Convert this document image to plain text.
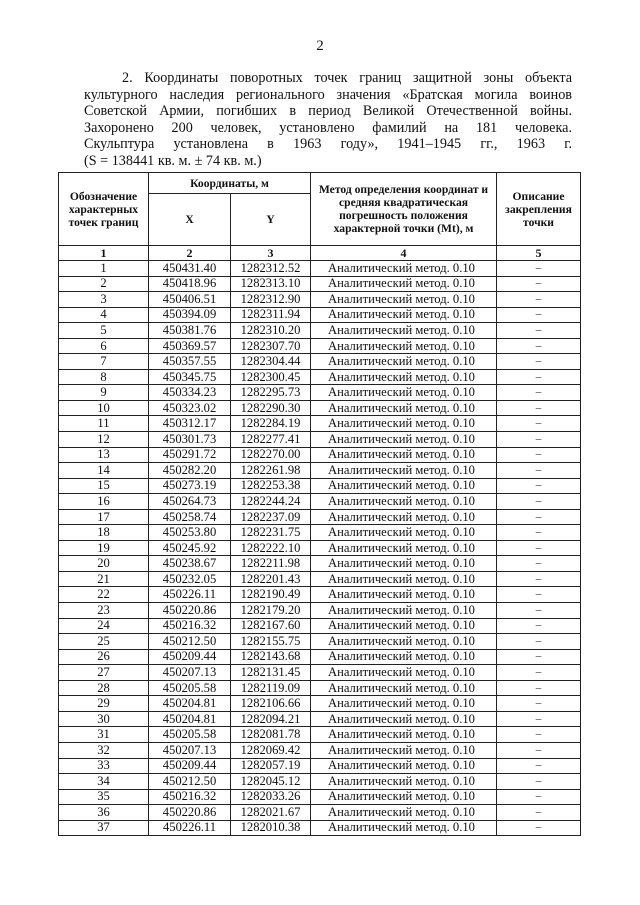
2

2. Координаты поворотных точек границ защитной зоны объекта
культурного наследия регионального значения «Братская могила воинов
Советской Армии, погибших в период Великой Отечественной войны.
Захоронено 200 человек, установлено фамилий на 181 человека.
Скульптура установлена в 1963 году», 1941–1945 гг., 1963 г.
(S = 138441 кв. м. ± 74 кв. м.)

Обозначение характерных точек границ	Координаты, м		Метод определения координат и средняя квадратическая погрешность положения характерной точки (Mt), м	Описание закрепления точки
	X	Y		
1	2	3	4	5
1	450431.40	1282312.52	Аналитический метод. 0.10	–
2	450418.96	1282313.10	Аналитический метод. 0.10	–
3	450406.51	1282312.90	Аналитический метод. 0.10	–
4	450394.09	1282311.94	Аналитический метод. 0.10	–
5	450381.76	1282310.20	Аналитический метод. 0.10	–
6	450369.57	1282307.70	Аналитический метод. 0.10	–
7	450357.55	1282304.44	Аналитический метод. 0.10	–
8	450345.75	1282300.45	Аналитический метод. 0.10	–
9	450334.23	1282295.73	Аналитический метод. 0.10	–
10	450323.02	1282290.30	Аналитический метод. 0.10	–
11	450312.17	1282284.19	Аналитический метод. 0.10	–
12	450301.73	1282277.41	Аналитический метод. 0.10	–
13	450291.72	1282270.00	Аналитический метод. 0.10	–
14	450282.20	1282261.98	Аналитический метод. 0.10	–
15	450273.19	1282253.38	Аналитический метод. 0.10	–
16	450264.73	1282244.24	Аналитический метод. 0.10	–
17	450258.74	1282237.09	Аналитический метод. 0.10	–
18	450253.80	1282231.75	Аналитический метод. 0.10	–
19	450245.92	1282222.10	Аналитический метод. 0.10	–
20	450238.67	1282211.98	Аналитический метод. 0.10	–
21	450232.05	1282201.43	Аналитический метод. 0.10	–
22	450226.11	1282190.49	Аналитический метод. 0.10	–
23	450220.86	1282179.20	Аналитический метод. 0.10	–
24	450216.32	1282167.60	Аналитический метод. 0.10	–
25	450212.50	1282155.75	Аналитический метод. 0.10	–
26	450209.44	1282143.68	Аналитический метод. 0.10	–
27	450207.13	1282131.45	Аналитический метод. 0.10	–
28	450205.58	1282119.09	Аналитический метод. 0.10	–
29	450204.81	1282106.66	Аналитический метод. 0.10	–
30	450204.81	1282094.21	Аналитический метод. 0.10	–
31	450205.58	1282081.78	Аналитический метод. 0.10	–
32	450207.13	1282069.42	Аналитический метод. 0.10	–
33	450209.44	1282057.19	Аналитический метод. 0.10	–
34	450212.50	1282045.12	Аналитический метод. 0.10	–
35	450216.32	1282033.26	Аналитический метод. 0.10	–
36	450220.86	1282021.67	Аналитический метод. 0.10	–
37	450226.11	1282010.38	Аналитический метод. 0.10	–
